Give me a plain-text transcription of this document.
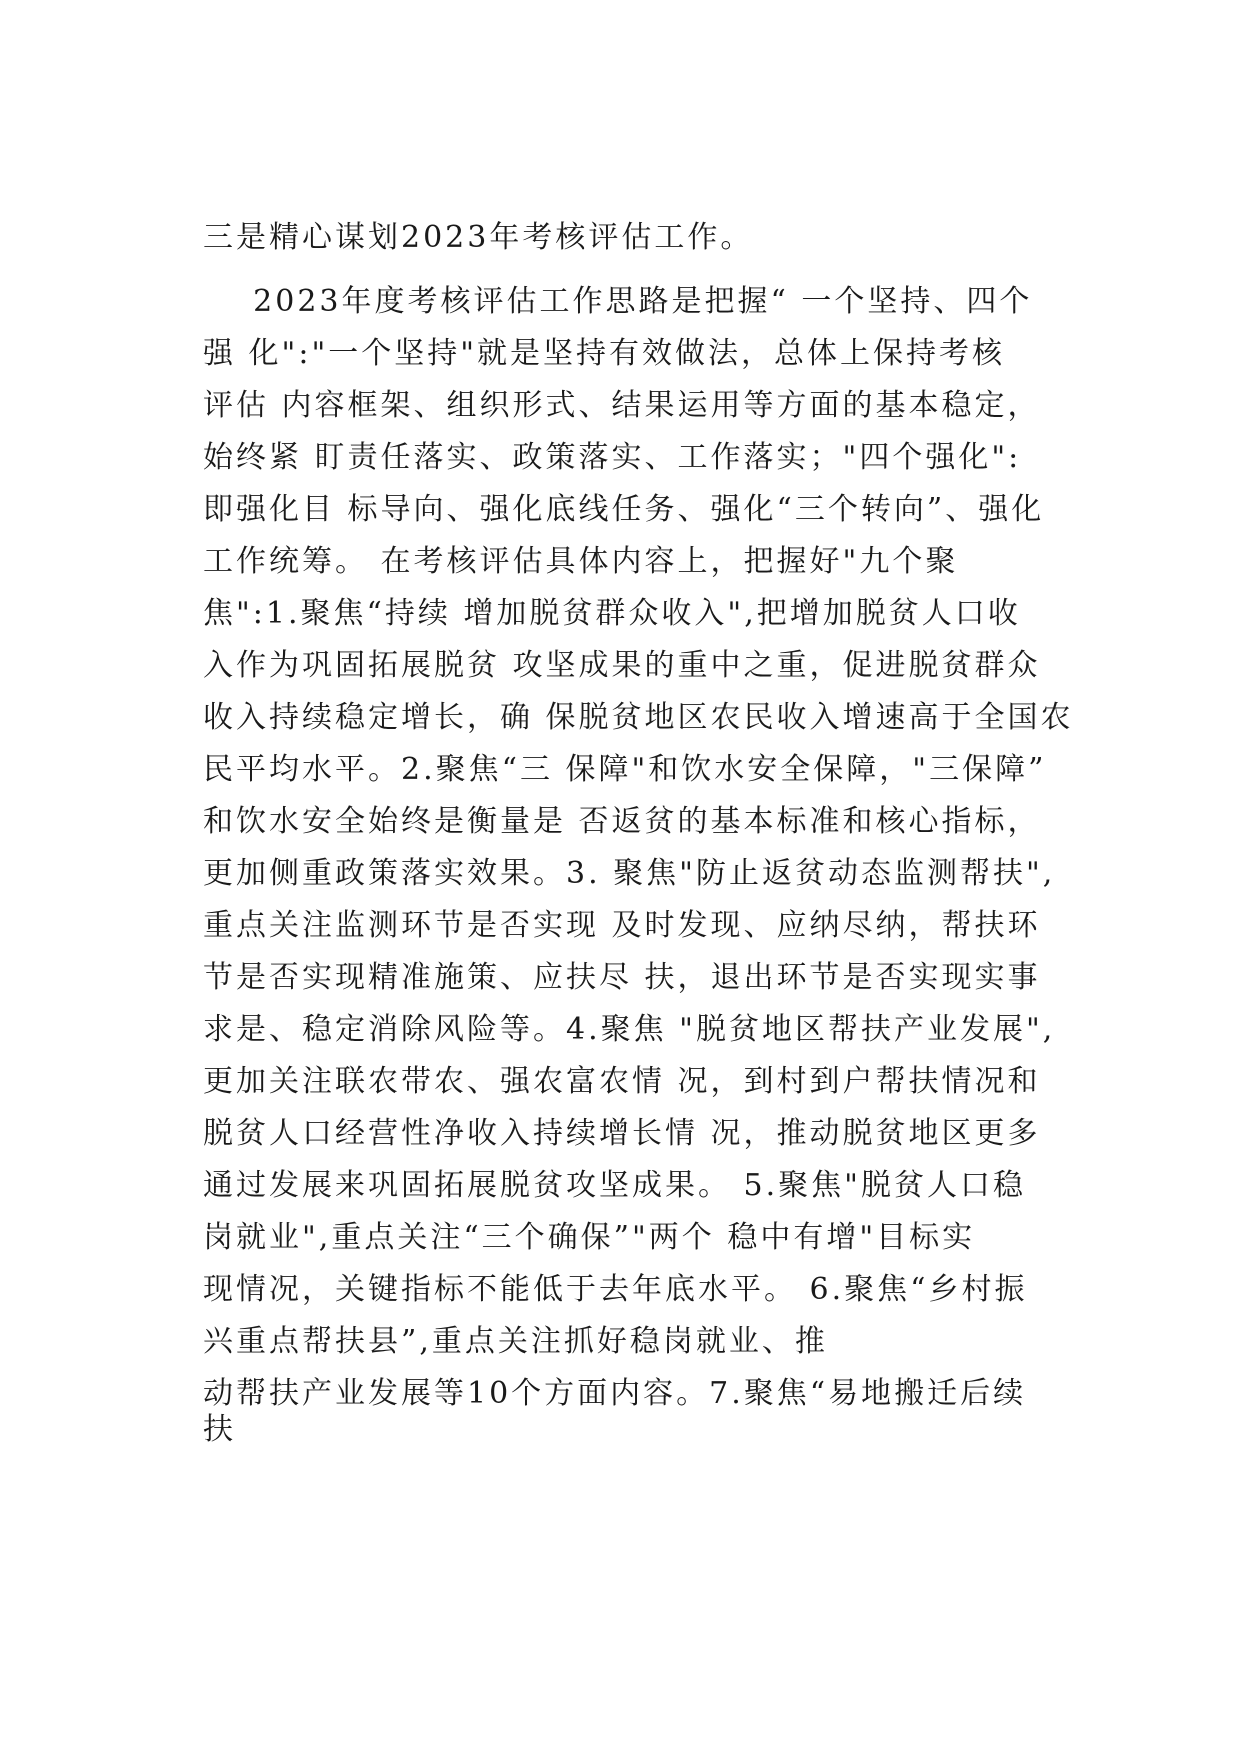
三是精心谋划2023年考核评估工作。
2023年度考核评估工作思路是把握“ 一个坚持、四个
强 化":"一个坚持"就是坚持有效做法，总体上保持考核
评估 内容框架、组织形式、结果运用等方面的基本稳定，
始终紧 盯责任落实、政策落实、工作落实；"四个强化":
即强化目 标导向、强化底线任务、强化“三个转向”、强化
工作统筹。 在考核评估具体内容上，把握好"九个聚
焦":1.聚焦“持续 增加脱贫群众收入",把增加脱贫人口收
入作为巩固拓展脱贫 攻坚成果的重中之重，促进脱贫群众
收入持续稳定增长，确 保脱贫地区农民收入增速高于全国农
民平均水平。2.聚焦“三 保障"和饮水安全保障，"三保障”
和饮水安全始终是衡量是 否返贫的基本标准和核心指标，
更加侧重政策落实效果。3. 聚焦"防止返贫动态监测帮扶",
重点关注监测环节是否实现 及时发现、应纳尽纳，帮扶环
节是否实现精准施策、应扶尽 扶，退出环节是否实现实事
求是、稳定消除风险等。4.聚焦 "脱贫地区帮扶产业发展",
更加关注联农带农、强农富农情 况，到村到户帮扶情况和
脱贫人口经营性净收入持续增长情 况，推动脱贫地区更多
通过发展来巩固拓展脱贫攻坚成果。 5.聚焦"脱贫人口稳
岗就业",重点关注“三个确保”"两个 稳中有增"目标实
现情况，关键指标不能低于去年底水平。 6.聚焦“乡村振
兴重点帮扶县”,重点关注抓好稳岗就业、推
动帮扶产业发展等10个方面内容。7.聚焦“易地搬迁后续
扶
